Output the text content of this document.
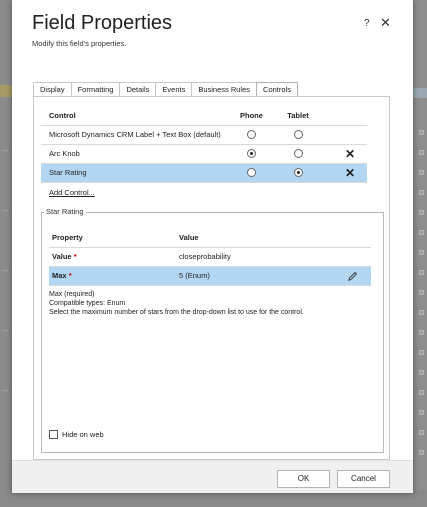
Field Properties
Modify this field's properties.
? ✕
Display	Formatting	Details	Events	Business Rules	Controls
Control	Phone	Tablet
Microsoft Dynamics CRM Label + Text Box (default)
Arc Knob	✕
Star Rating	✕
Add Control...
Star Rating
Property	Value
Value *	closeprobability
Max *	5 (Enum)
Max (required)
Compatible types: Enum
Select the maximum number of stars from the drop-down list to use for the control.
Hide on web
OK	Cancel
